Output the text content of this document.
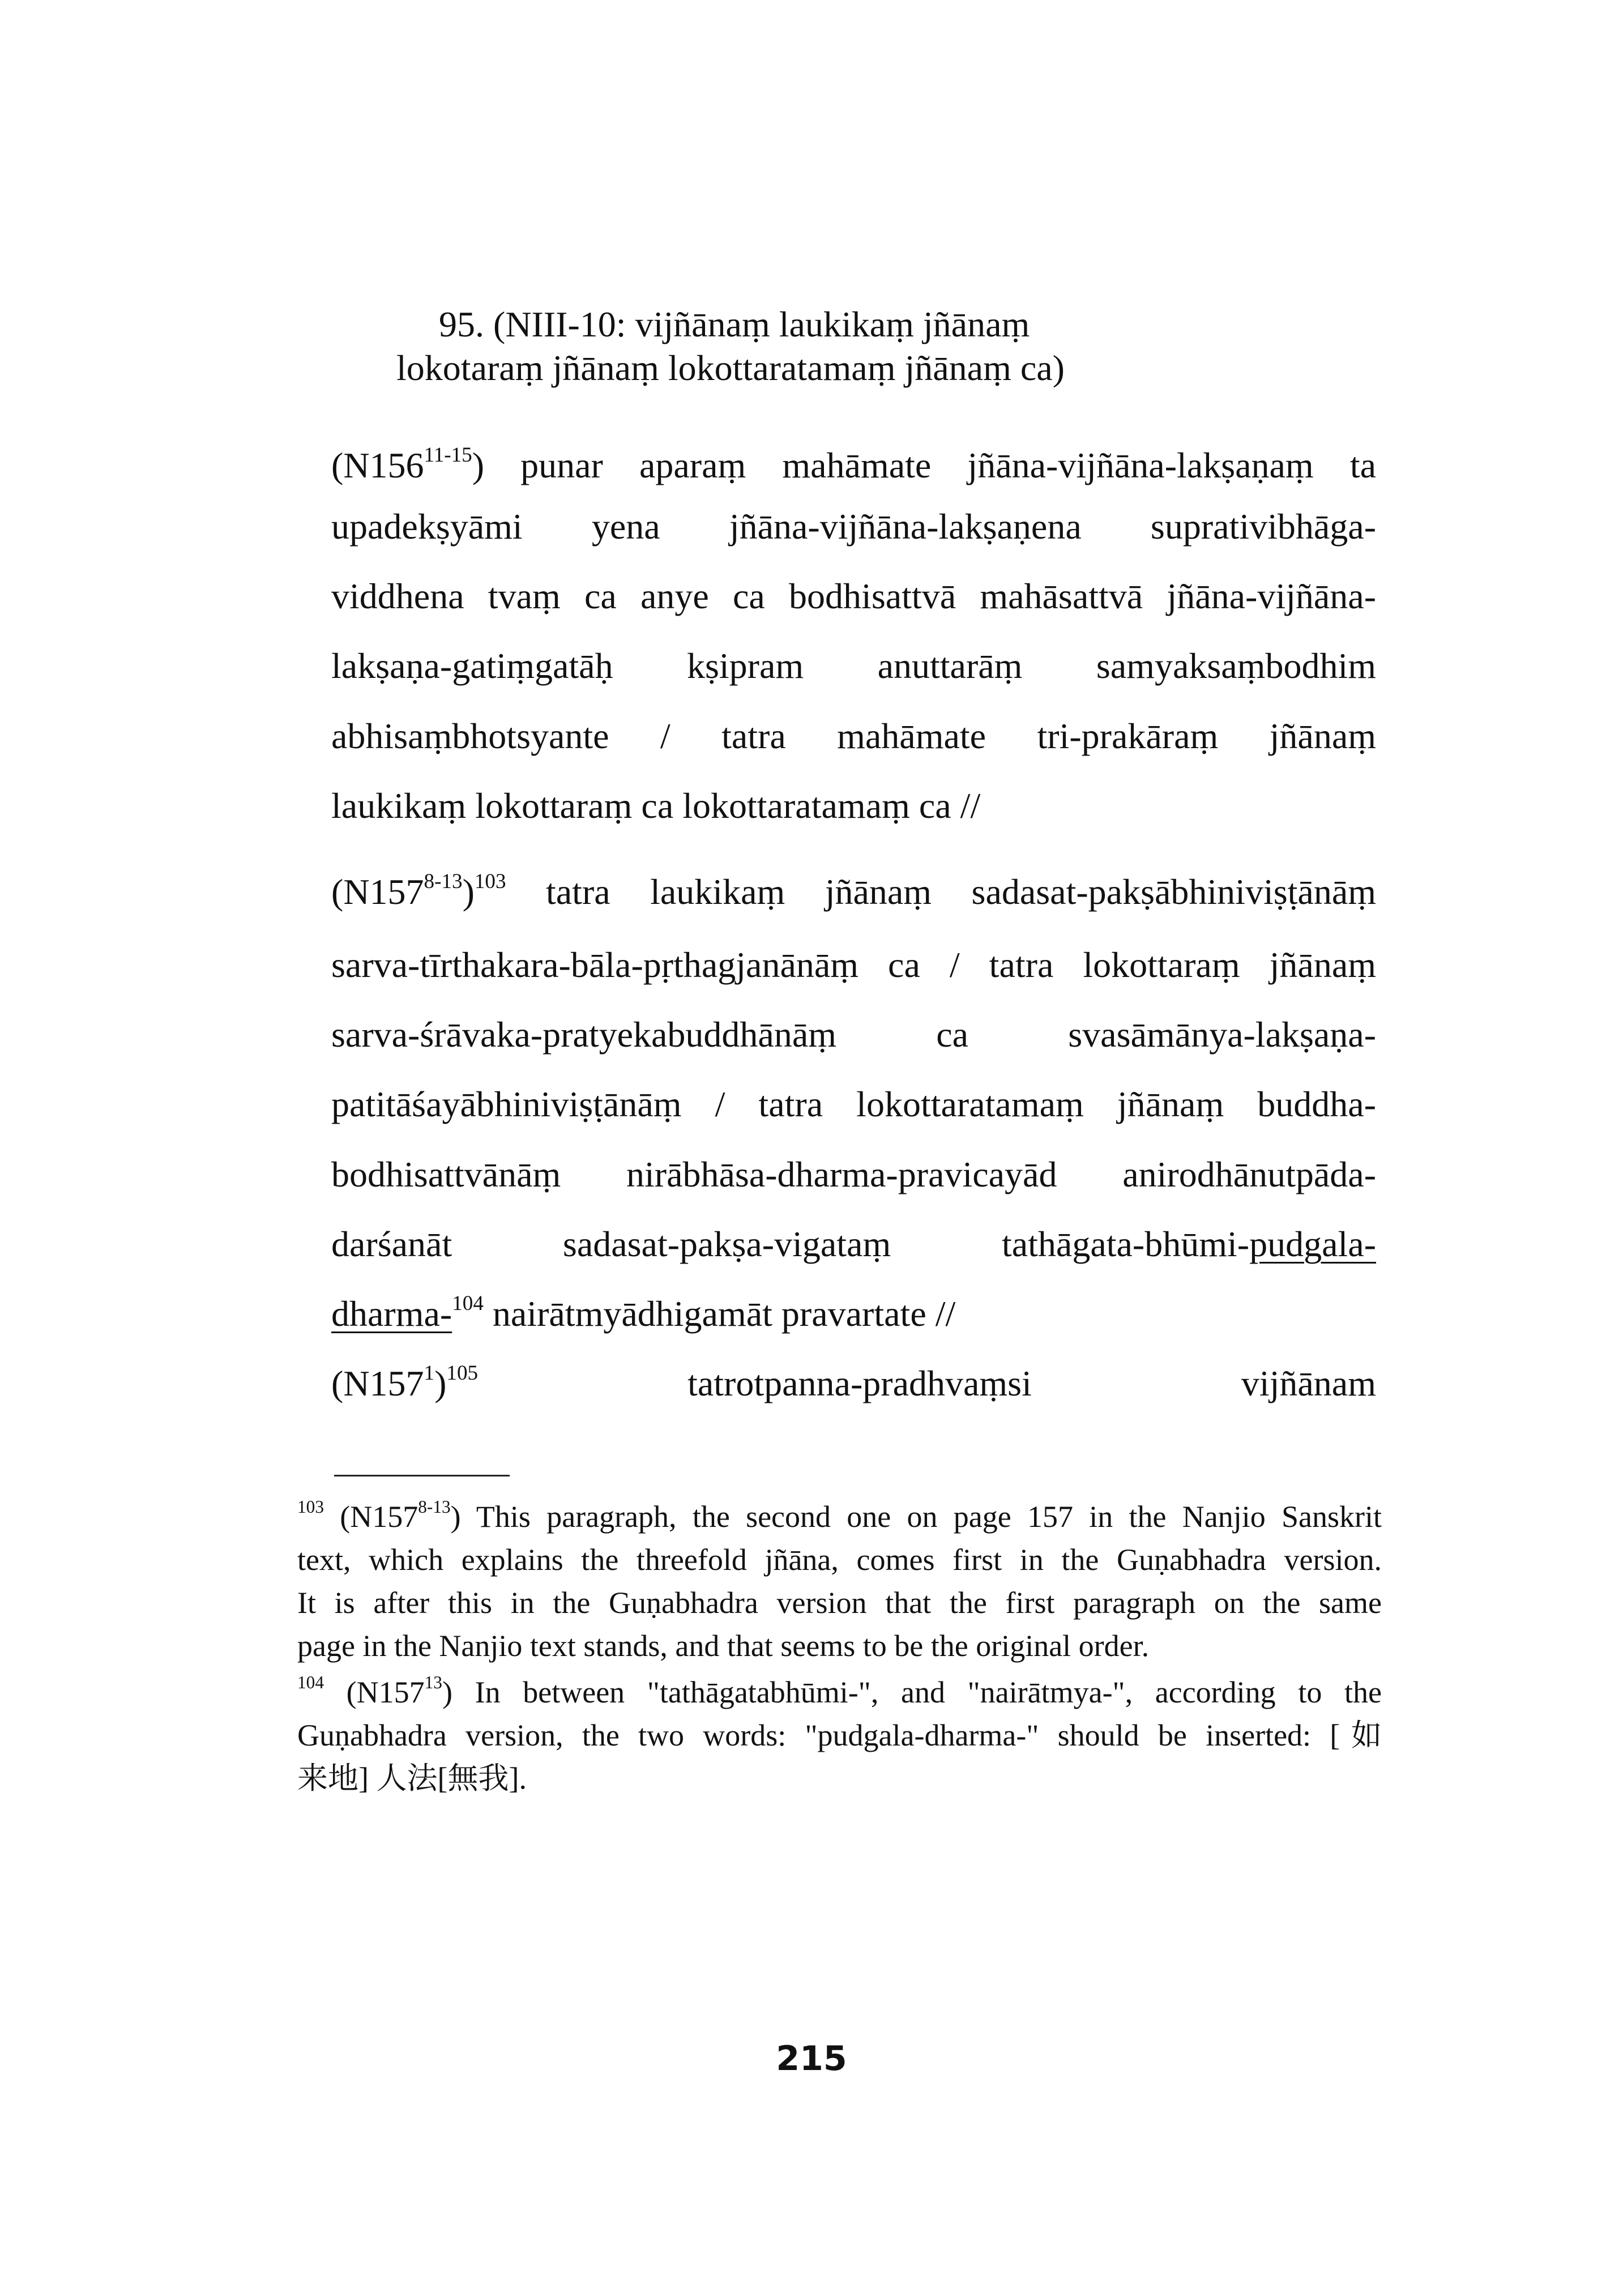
95. (NIII-10: vijñānaṃ laukikaṃ jñānaṃ
lokotaraṃ jñānaṃ lokottaratamaṃ jñānaṃ ca)
(N156$^{11-15}$) punar aparaṃ mahāmate jñāna-vijñāna-lakṣaṇaṃ ta
upadekṣyāmi yena jñāna-vijñāna-lakṣaṇena suprativibhāga-
viddhena tvaṃ ca anye ca bodhisattvā mahāsattvā jñāna-vijñāna-
lakṣaṇa-gatiṃgatāḥ kṣipram anuttarāṃ samyaksaṃbodhim
abhisaṃbhotsyante / tatra mahāmate tri-prakāraṃ jñānaṃ
laukikaṃ lokottaraṃ ca lokottaratamaṃ ca //
$(N157^{8-13})^{103}$ tatra laukikaṃ jñānaṃ sadasat-pakṣābhiniviṣṭānāṃ
sarva-tīrthakara-bāla-pṛthagjanānāṃ ca / tatra lokottaraṃ jñānaṃ
sarva-śrāvaka-pratyekabuddhānāṃ ca svasāmānya-lakṣaṇa-
patitāśayābhiniviṣṭānāṃ / tatra lokottaratamaṃ jñānaṃ buddha-
bodhisattvānāṃ nirābhāsa-dharma-pravicayād anirodhānutpāda-
darśanāt	sadasat-pakṣa-vigataṃ	tathāgata-bhūmi-pudgala-
dharma-$^{104}$ nairātmyādhigamāt pravartate //
$(N157^1)^{105}$	tatrotpanna-pradhvaṃsi	vijñānam
$^{103}$ (N157$^{8-13}$) This paragraph, the second one on page 157 in the Nanjio Sanskrit
text, which explains the threefold jñāna, comes first in the Guṇabhadra version.
It is after this in the Guṇabhadra version that the first paragraph on the same
page in the Nanjio text stands, and that seems to be the original order.
$^{104}$ $(N157^{13})$ In between "tathāgatabhūmi-", and "nairātmya-", according to the
Guṇabhadra version, the two words: "pudgala-dharma-" should be inserted: [如
来地] 人法[無我].
215
